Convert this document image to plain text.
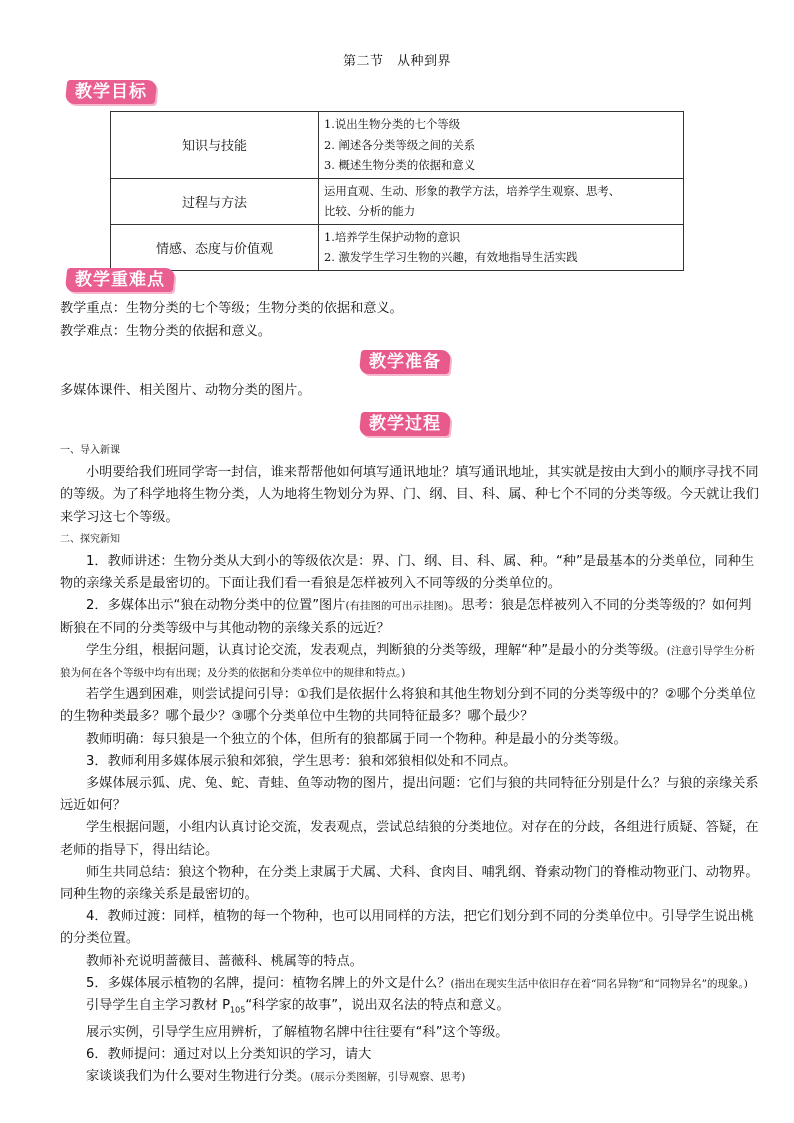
第二节　从种到界
教学目标
知识与技能	1.说出生物分类的七个等级
2. 阐述各分类等级之间的关系
3. 概述生物分类的依据和意义

过程与方法	运用直观、生动、形象的教学方法，培养学生观察、思考、
比较、分析的能力

情感、态度与价值观	1.培养学生保护动物的意识
2. 激发学生学习生物的兴趣，有效地指导生活实践
教学重难点

教学重点：生物分类的七个等级；生物分类的依据和意义。

教学难点：生物分类的依据和意义。

教学准备

多媒体课件、相关图片、动物分类的图片。

教学过程

一、导入新课

小明要给我们班同学寄一封信，谁来帮帮他如何填写通讯地址？填写通讯地址，其实就是按由大到小的顺序寻找不同的等级。为了科学地将生物分类，人为地将生物划分为界、门、纲、目、科、属、种七个不同的分类等级。今天就让我们来学习这七个等级。

二、探究新知

1．教师讲述：生物分类从大到小的等级依次是：界、门、纲、目、科、属、种。“种”是最基本的分类单位，同种生物的亲缘关系是最密切的。下面让我们看一看狼是怎样被列入不同等级的分类单位的。

2．多媒体出示“狼在动物分类中的位置”图片(有挂图的可出示挂图)。思考：狼是怎样被列入不同的分类等级的？如何判断狼在不同的分类等级中与其他动物的亲缘关系的远近？

学生分组，根据问题，认真讨论交流，发表观点，判断狼的分类等级，理解“种”是最小的分类等级。(注意引导学生分析狼为何在各个等级中均有出现；及分类的依据和分类单位中的规律和特点。)

若学生遇到困难，则尝试提问引导：①我们是依据什么将狼和其他生物划分到不同的分类等级中的？②哪个分类单位的生物种类最多？哪个最少？③哪个分类单位中生物的共同特征最多？哪个最少？

教师明确：每只狼是一个独立的个体，但所有的狼都属于同一个物种。种是最小的分类等级。

3．教师利用多媒体展示狼和郊狼，学生思考：狼和郊狼相似处和不同点。

多媒体展示狐、虎、兔、蛇、青蛙、鱼等动物的图片，提出问题：它们与狼的共同特征分别是什么？与狼的亲缘关系远近如何？

学生根据问题，小组内认真讨论交流，发表观点，尝试总结狼的分类地位。对存在的分歧，各组进行质疑、答疑，在老师的指导下，得出结论。

师生共同总结：狼这个物种，在分类上隶属于犬属、犬科、食肉目、哺乳纲、脊索动物门的脊椎动物亚门、动物界。同种生物的亲缘关系是最密切的。

4．教师过渡：同样，植物的每一个物种，也可以用同样的方法，把它们划分到不同的分类单位中。引导学生说出桃的分类位置。

教师补充说明蔷薇目、蔷薇科、桃属等的特点。

5．多媒体展示植物的名牌，提问：植物名牌上的外文是什么？(指出在现实生活中依旧存在着“同名异物”和“同物异名”的现象。)

引导学生自主学习教材 $P_{105}“$科学家的故事”，说出双名法的特点和意义。

展示实例，引导学生应用辨析，了解植物名牌中往往要有“科”这个等级。

6．教师提问：通过对以上分类知识的学习，请大

家谈谈我们为什么要对生物进行分类。(展示分类图解，引导观察、思考)
